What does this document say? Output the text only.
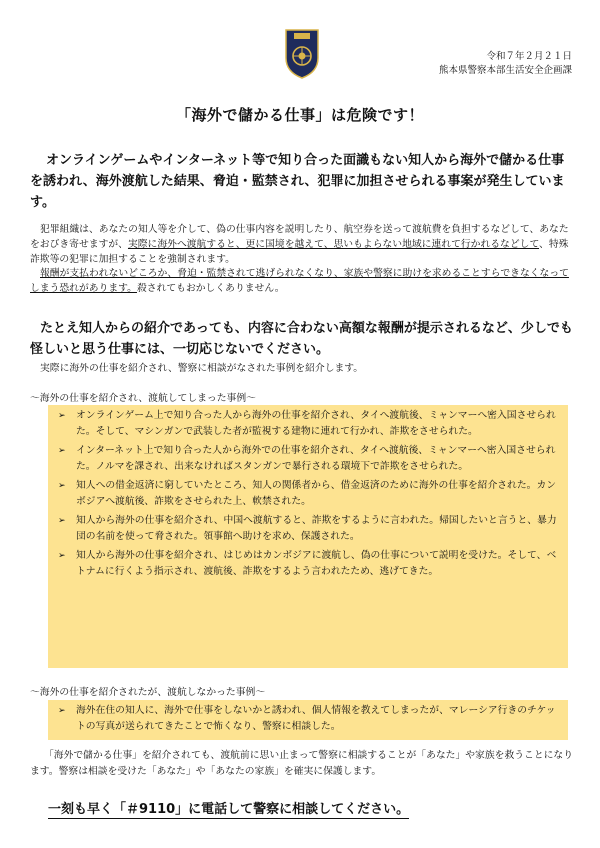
令和７年２月２１日
熊本県警察本部生活安全企画課
「海外で儲かる仕事」は危険です！

オンラインゲームやインターネット等で知り合った面識もない知人から海外で儲かる仕事を誘われ、海外渡航した結果、脅迫・監禁され、犯罪に加担させられる事案が発生しています。

犯罪組織は、あなたの知人等を介して、偽の仕事内容を説明したり、航空券を送って渡航費を負担するなどして、あなたをおびき寄せますが、実際に海外へ渡航すると、更に国境を越えて、思いもよらない地域に連れて行かれるなどして、特殊詐欺等の犯罪に加担することを強制されます。

報酬が支払われないどころか、脅迫・監禁されて逃げられなくなり、家族や警察に助けを求めることすらできなくなってしまう恐れがあります。殺されてもおかしくありません。

たとえ知人からの紹介であっても、内容に合わない高額な報酬が提示されるなど、少しでも怪しいと思う仕事には、一切応じないでください。

実際に海外の仕事を紹介され、警察に相談がなされた事例を紹介します。

～海外の仕事を紹介され、渡航してしまった事例～

➢ オンラインゲーム上で知り合った人から海外の仕事を紹介され、タイへ渡航後、ミャンマーへ密入国させられた。そして、マシンガンで武装した者が監視する建物に連れて行かれ、詐欺をさせられた。
➢ インターネット上で知り合った人から海外での仕事を紹介され、タイへ渡航後、ミャンマーへ密入国させられた。ノルマを課され、出来なければスタンガンで暴行される環境下で詐欺をさせられた。
➢ 知人への借金返済に窮していたところ、知人の関係者から、借金返済のために海外の仕事を紹介された。カンボジアへ渡航後、詐欺をさせられた上、軟禁された。
➢ 知人から海外の仕事を紹介され、中国へ渡航すると、詐欺をするように言われた。帰国したいと言うと、暴力団の名前を使って脅された。領事館へ助けを求め、保護された。
➢ 知人から海外の仕事を紹介され、はじめはカンボジアに渡航し、偽の仕事について説明を受けた。そして、ベトナムに行くよう指示され、渡航後、詐欺をするよう言われたため、逃げてきた。

～海外の仕事を紹介されたが、渡航しなかった事例～

➢ 海外在住の知人に、海外で仕事をしないかと誘われ、個人情報を教えてしまったが、マレーシア行きのチケットの写真が送られてきたことで怖くなり、警察に相談した。

「海外で儲かる仕事」を紹介されても、渡航前に思い止まって警察に相談することが「あなた」や家族を救うことになります。警察は相談を受けた「あなた」や「あなたの家族」を確実に保護します。

一刻も早く「＃9110」に電話して警察に相談してください。
